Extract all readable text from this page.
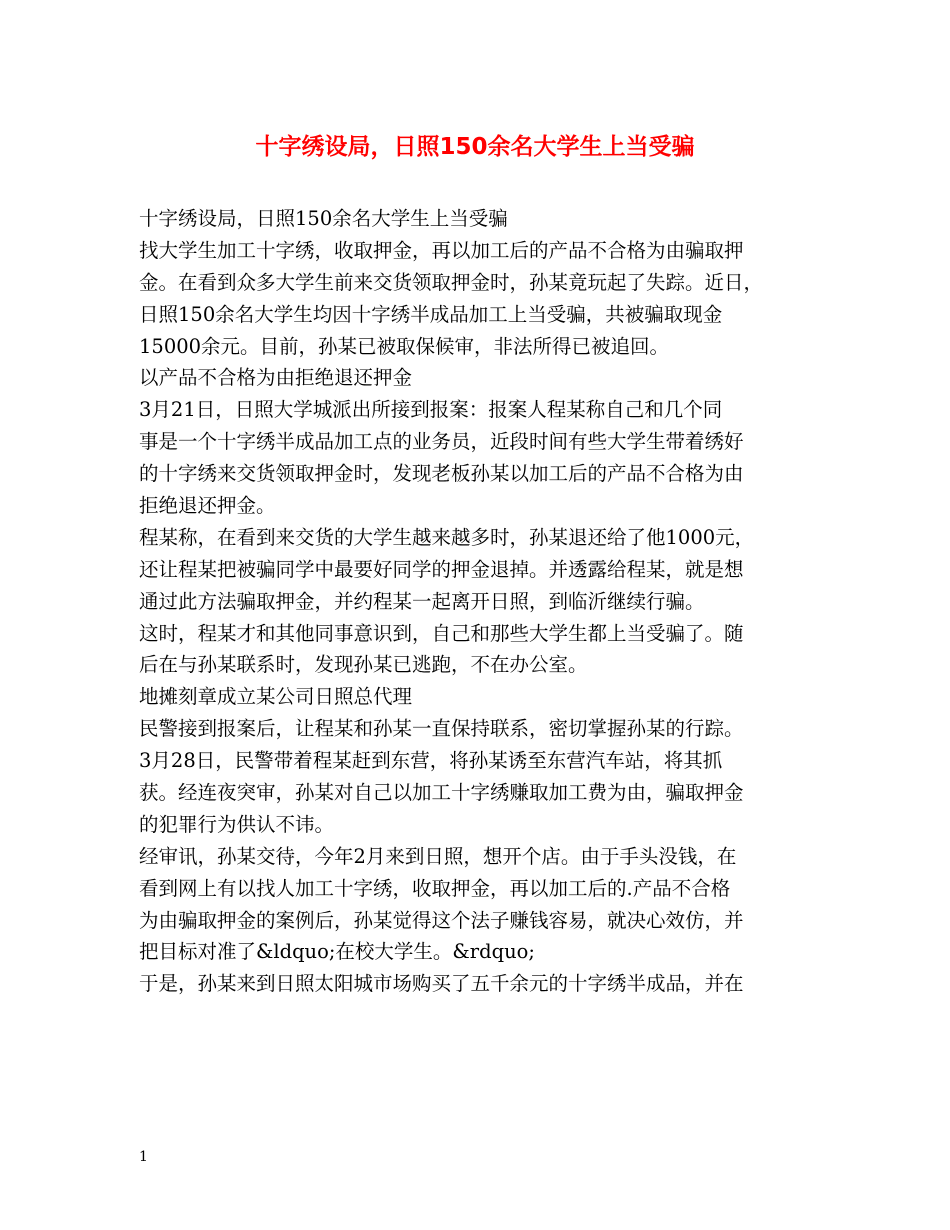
十字绣设局，日照150余名大学生上当受骗
十字绣设局，日照150余名大学生上当受骗
找大学生加工十字绣，收取押金，再以加工后的产品不合格为由骗取押
金。在看到众多大学生前来交货领取押金时，孙某竟玩起了失踪。近日，
日照150余名大学生均因十字绣半成品加工上当受骗，共被骗取现金
15000余元。目前，孙某已被取保候审，非法所得已被追回。
以产品不合格为由拒绝退还押金
3月21日，日照大学城派出所接到报案：报案人程某称自己和几个同
事是一个十字绣半成品加工点的业务员，近段时间有些大学生带着绣好
的十字绣来交货领取押金时，发现老板孙某以加工后的产品不合格为由
拒绝退还押金。
程某称，在看到来交货的大学生越来越多时，孙某退还给了他1000元，
还让程某把被骗同学中最要好同学的押金退掉。并透露给程某，就是想
通过此方法骗取押金，并约程某一起离开日照，到临沂继续行骗。
这时，程某才和其他同事意识到，自己和那些大学生都上当受骗了。随
后在与孙某联系时，发现孙某已逃跑，不在办公室。
地摊刻章成立某公司日照总代理
民警接到报案后，让程某和孙某一直保持联系，密切掌握孙某的行踪。
3月28日，民警带着程某赶到东营，将孙某诱至东营汽车站，将其抓
获。经连夜突审，孙某对自己以加工十字绣赚取加工费为由，骗取押金
的犯罪行为供认不讳。
经审讯，孙某交待，今年2月来到日照，想开个店。由于手头没钱，在
看到网上有以找人加工十字绣，收取押金，再以加工后的.产品不合格
为由骗取押金的案例后，孙某觉得这个法子赚钱容易，就决心效仿，并
把目标对准了&ldquo;在校大学生。&rdquo;
于是，孙某来到日照太阳城市场购买了五千余元的十字绣半成品，并在
1
